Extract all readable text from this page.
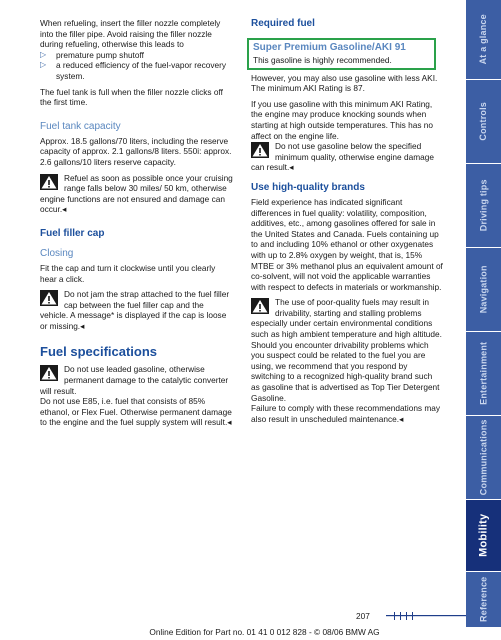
When refueling, insert the filler nozzle completely into the filler pipe. Avoid raising the filler nozzle during refueling, otherwise this leads to

▷	premature pump shutoff
▷	a reduced efficiency of the fuel-vapor recovery system.

The fuel tank is full when the filler nozzle clicks off the first time.

Fuel tank capacity

Approx. 18.5 gallons/70 liters, including the reserve capacity of approx. 2.1 gallons/8 liters. 550i: approx. 2.6 gallons/10 liters reserve capacity.

Refuel as soon as possible once your cruising range falls below 30 miles/ 50 km, otherwise engine functions are not ensured and damage can occur.◂
Fuel filler cap
Closing

Fit the cap and turn it clockwise until you clearly hear a click.

Do not jam the strap attached to the fuel filler cap between the fuel filler cap and the vehicle. A message* is displayed if the cap is loose or missing.◂
Fuel specifications
Do not use leaded gasoline, otherwise permanent damage to the catalytic converter will result.

Do not use E85, i.e. fuel that consists of 85% ethanol, or Flex Fuel. Otherwise permanent damage to the engine and the fuel supply system will result.◂

Required fuel
Super Premium Gasoline/AKI 91

This gasoline is highly recommended.

However, you may also use gasoline with less AKI. The minimum AKI Rating is 87.

If you use gasoline with this minimum AKI Rating, the engine may produce knocking sounds when starting at high outside temperatures. This has no affect on the engine life.

Do not use gasoline below the specified minimum quality, otherwise engine damage can result.◂
Use high-quality brands

Field experience has indicated significant differences in fuel quality: volatility, composition, additives, etc., among gasolines offered for sale in the United States and Canada. Fuels containing up to and including 10% ethanol or other oxygenates with up to 2.8% oxygen by weight, that is, 15% MTBE or 3% methanol plus an equivalent amount of co-solvent, will not void the applicable warranties with respect to defects in materials or workmanship.

The use of poor-quality fuels may result in drivability, starting and stalling problems especially under certain environmental conditions such as high ambient temperature and high altitude.

Should you encounter drivability problems which you suspect could be related to the fuel you are using, we recommend that you respond by switching to a recognized high-quality brand such as gasoline that is advertised as Top Tier Detergent Gasoline.

Failure to comply with these recommendations may also result in unscheduled maintenance.◂

At a glance
Controls
Driving tips
Navigation
Entertainment
Communications
Mobility
Reference
207
Online Edition for Part no. 01 41 0 012 828 - © 08/06 BMW AG
